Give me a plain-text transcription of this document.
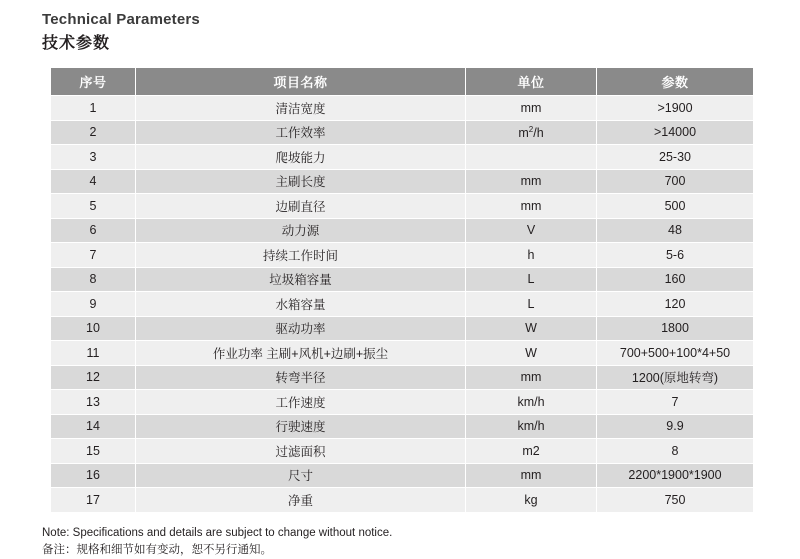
Technical Parameters
技术参数
序号	项目名称	单位	参数
1	清洁宽度	mm	>1900
2	工作效率	$m^2/h$	>14000
3	爬坡能力		25-30
4	主刷长度	mm	700
5	边刷直径	mm	500
6	动力源	V	48
7	持续工作时间	h	5-6
8	垃圾箱容量	L	160
9	水箱容量	L	120
10	驱动功率	W	1800
11	作业功率 主刷+风机+边刷+振尘	W	700+500+100*4+50
12	转弯半径	mm	1200(原地转弯)
13	工作速度	km/h	7
14	行驶速度	km/h	9.9
15	过滤面积	m2	8
16	尺寸	mm	2200*1900*1900
17	净重	kg	750
Note: Specifications and details are subject to change without notice.
备注：规格和细节如有变动，恕不另行通知。
